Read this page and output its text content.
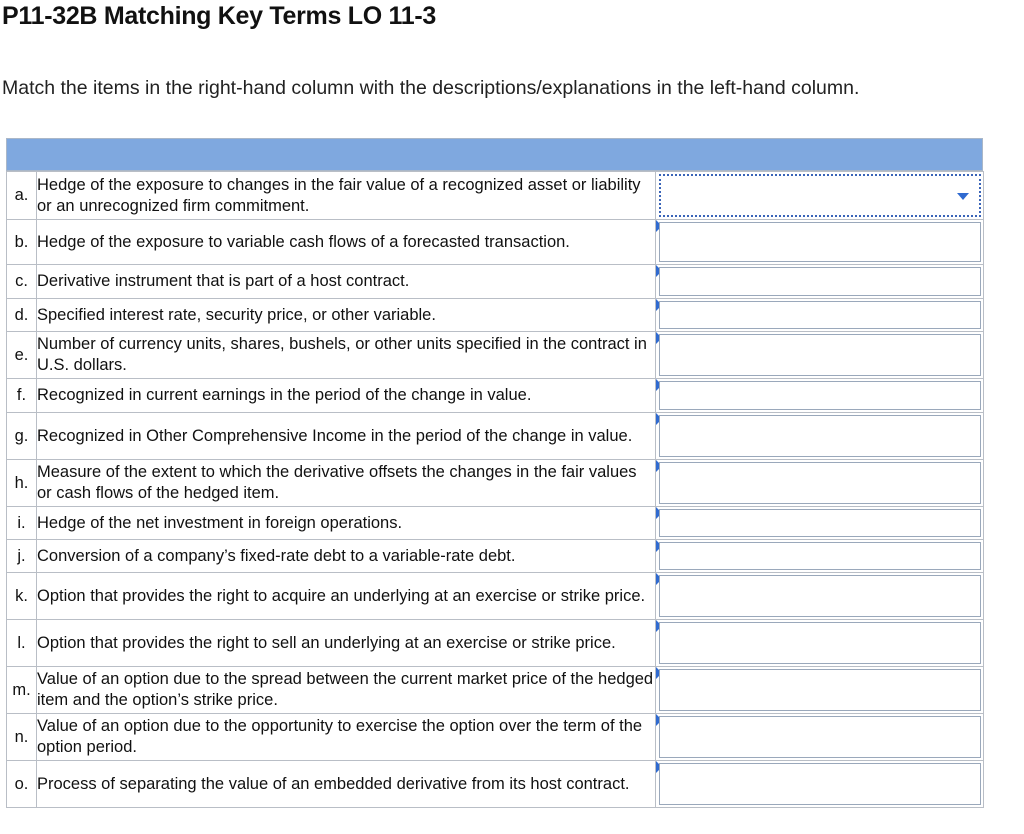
P11-32B Matching Key Terms LO 11-3
Match the items in the right-hand column with the descriptions/explanations in the left-hand column.
a.	Hedge of the exposure to changes in the fair value of a recognized asset or liability or an unrecognized firm commitment.	

b.	Hedge of the exposure to variable cash flows of a forecasted transaction.	

c.	Derivative instrument that is part of a host contract.	

d.	Specified interest rate, security price, or other variable.	

e.	Number of currency units, shares, bushels, or other units specified in the contract in U.S. dollars.	

f.	Recognized in current earnings in the period of the change in value.	

g.	Recognized in Other Comprehensive Income in the period of the change in value.	

h.	Measure of the extent to which the derivative offsets the changes in the fair values or cash flows of the hedged item.	

i.	Hedge of the net investment in foreign operations.	

j.	Conversion of a company’s fixed-rate debt to a variable-rate debt.	

k.	Option that provides the right to acquire an underlying at an exercise or strike price.	

l.	Option that provides the right to sell an underlying at an exercise or strike price.	

m.	Value of an option due to the spread between the current market price of the hedged item and the option’s strike price.	

n.	Value of an option due to the opportunity to exercise the option over the term of the option period.	

o.	Process of separating the value of an embedded derivative from its host contract.	
